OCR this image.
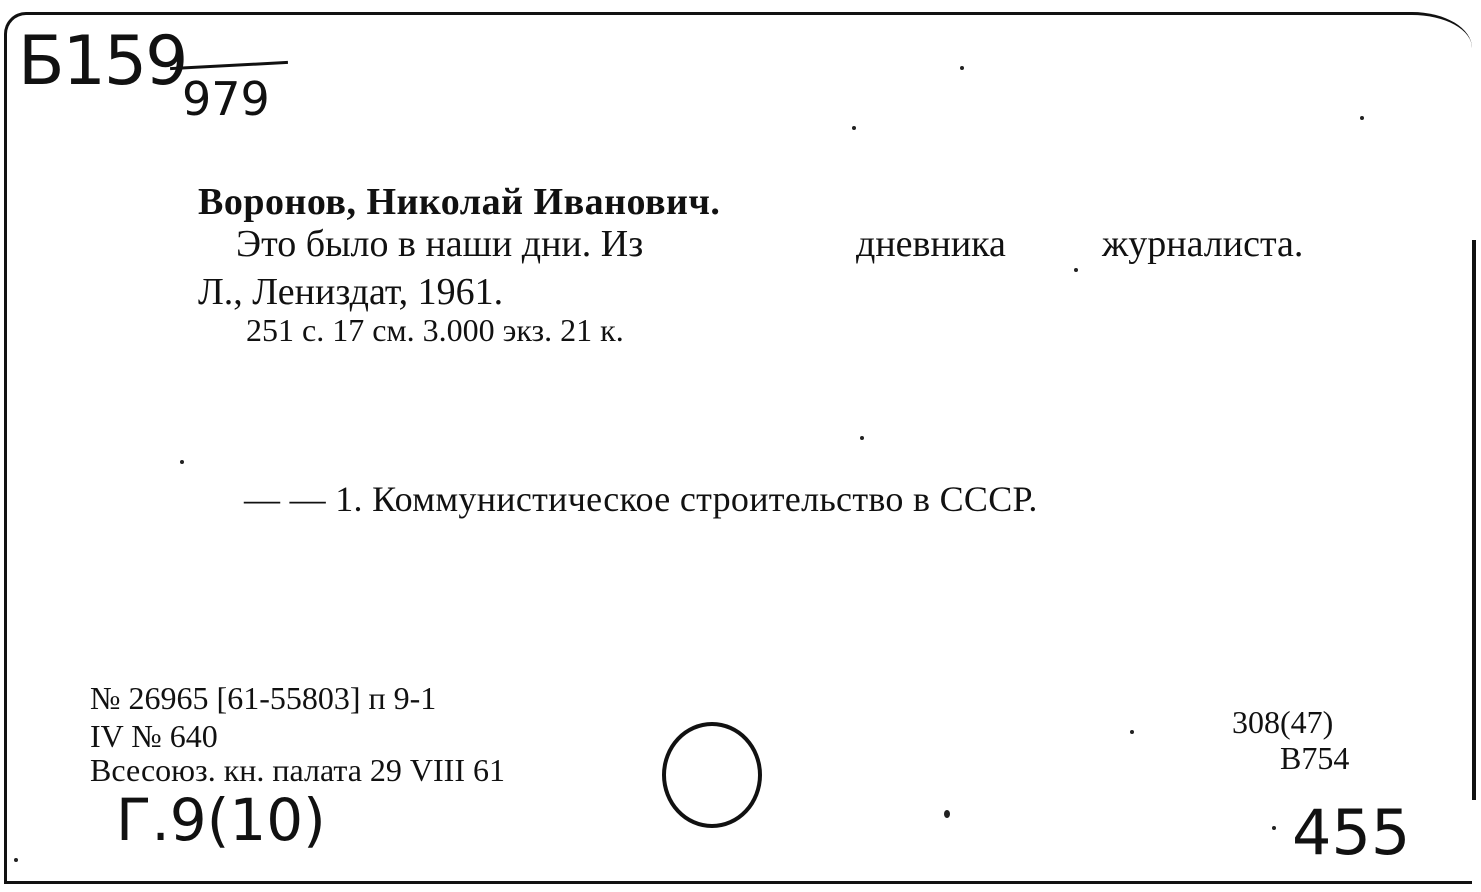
Б159
979
Воронов, Николай Иванович.
Это было в наши дни. Из	дневника	журналиста.
Л., Лениздат, 1961.
251 с. 17 см. 3.000 экз. 21 к.
— — 1. Коммунистическое строительство в СССР.
№ 26965 [61-55803] п 9-1
IV № 640
Всесоюз. кн. палата 29 VIII 61
308(47)
В754
Г.9(10)	455
